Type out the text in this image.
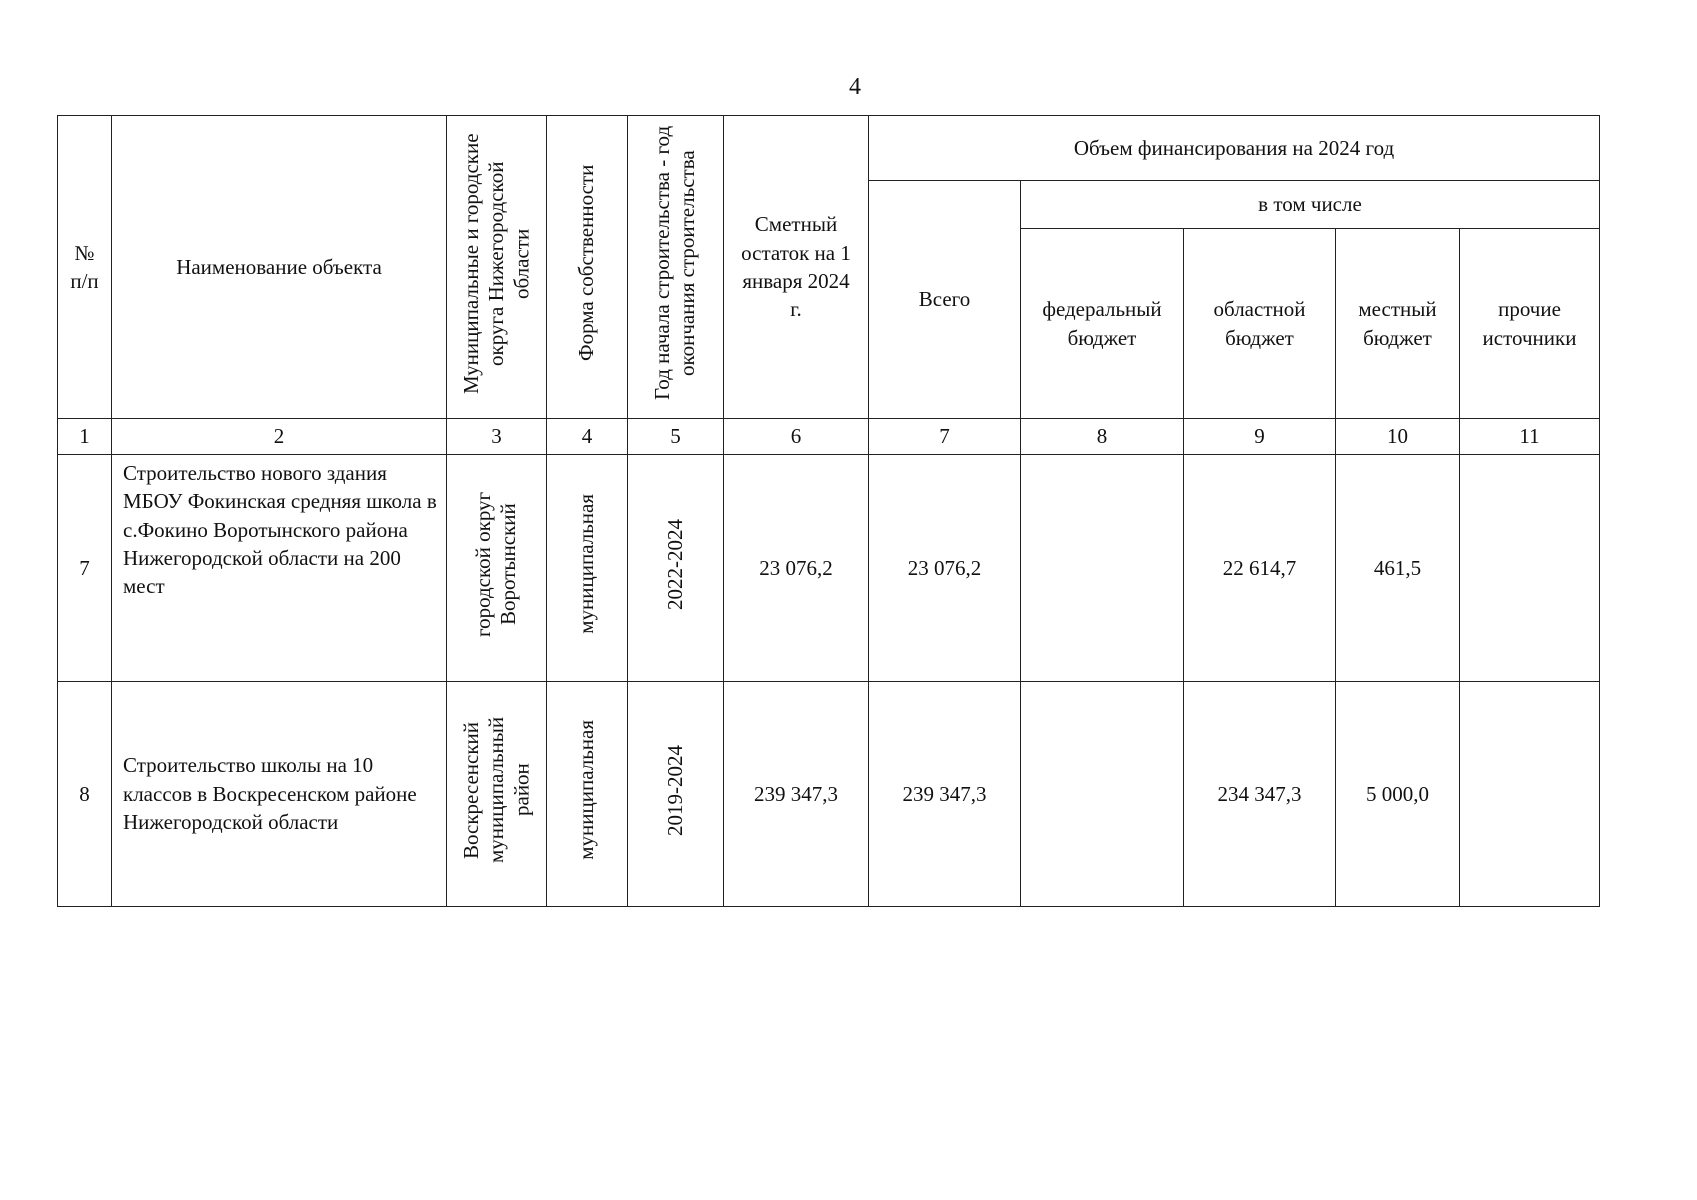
4
№ п/п	Наименование объекта	Муниципальные и городские округа Нижегородской области	Форма собственности	Год начала строительства - год окончания строительства	Сметный остаток на 1 января 2024 г.	Объем финансирования на 2024 год				
						Всего	в том числе			
							федеральный бюджет	областной бюджет	местный бюджет	прочие источники
1	2	3	4	5	6	7	8	9	10	11
7	Строительство нового здания МБОУ Фокинская средняя школа в с.Фокино Воротынского района Нижегородской области на 200 мест	городской округ Воротынский	муниципальная	2022-2024	23 076,2	23 076,2		22 614,7	461,5	
8	Строительство школы на 10 классов в Воскресенском районе Нижегородской области	Воскресенский муниципальный район	муниципальная	2019-2024	239 347,3	239 347,3		234 347,3	5 000,0	
